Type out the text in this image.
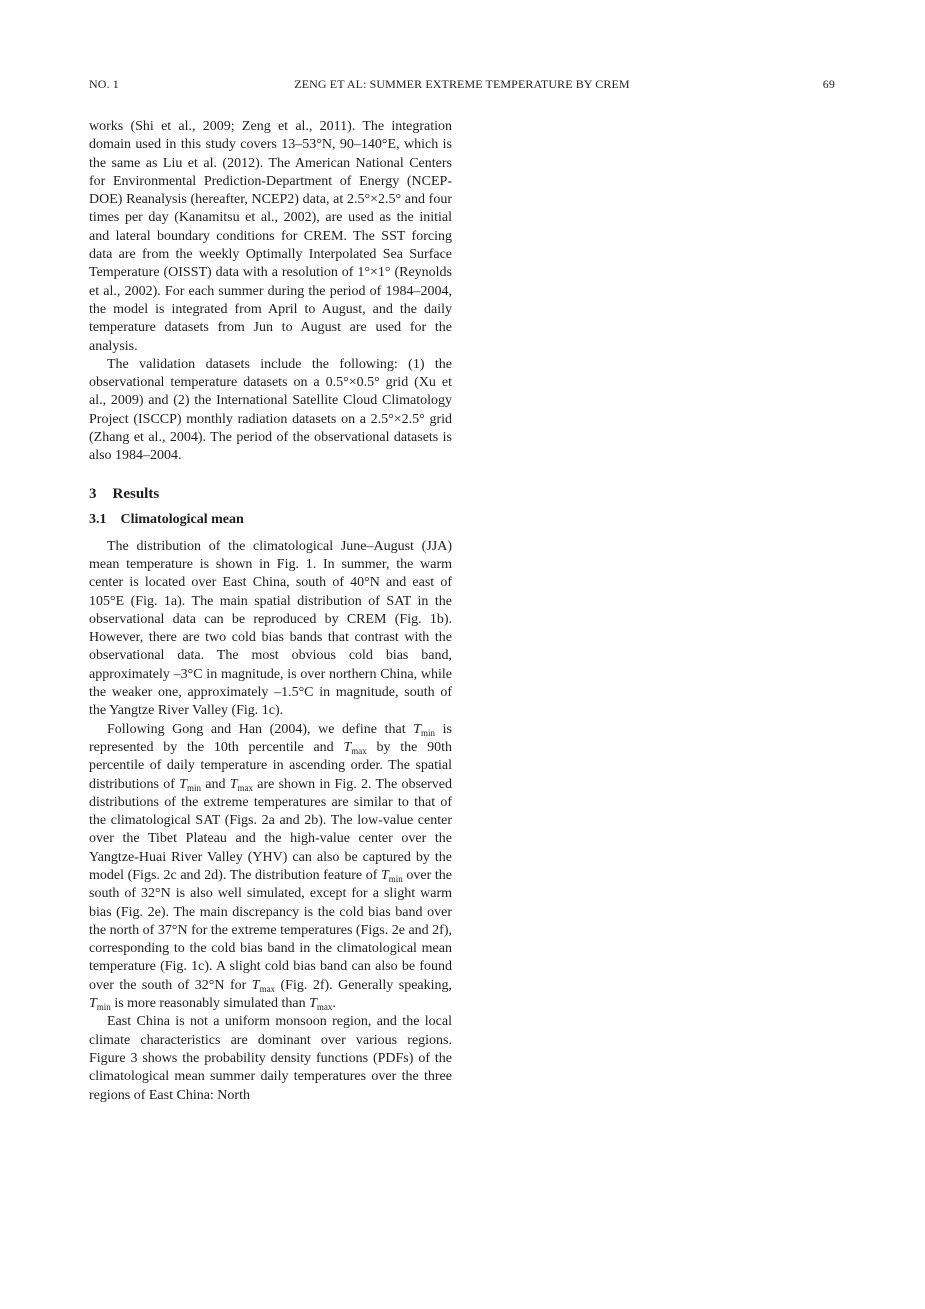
NO. 1	ZENG ET AL: SUMMER EXTREME TEMPERATURE BY CREM	69

works (Shi et al., 2009; Zeng et al., 2011). The integration domain used in this study covers 13–53°N, 90–140°E, which is the same as Liu et al. (2012). The American National Centers for Environmental Prediction-Department of Energy (NCEP-DOE) Reanalysis (hereafter, NCEP2) data, at 2.5°×2.5° and four times per day (Kanamitsu et al., 2002), are used as the initial and lateral boundary conditions for CREM. The SST forcing data are from the weekly Optimally Interpolated Sea Surface Temperature (OISST) data with a resolution of 1°×1° (Reynolds et al., 2002). For each summer during the period of 1984–2004, the model is integrated from April to August, and the daily temperature datasets from Jun to August are used for the analysis.

The validation datasets include the following: (1) the observational temperature datasets on a 0.5°×0.5° grid (Xu et al., 2009) and (2) the International Satellite Cloud Climatology Project (ISCCP) monthly radiation datasets on a 2.5°×2.5° grid (Zhang et al., 2004). The period of the observational datasets is also 1984–2004.

3 Results
3.1 Climatological mean

The distribution of the climatological June–August (JJA) mean temperature is shown in Fig. 1. In summer, the warm center is located over East China, south of 40°N and east of 105°E (Fig. 1a). The main spatial distribution of SAT in the observational data can be reproduced by CREM (Fig. 1b). However, there are two cold bias bands that contrast with the observational data. The most obvious cold bias band, approximately –3°C in magnitude, is over northern China, while the weaker one, approximately –1.5°C in magnitude, south of the Yangtze River Valley (Fig. 1c).

Following Gong and Han (2004), we define that $T_{min}$ is represented by the 10th percentile and $T_{max}$ by the 90th percentile of daily temperature in ascending order. The spatial distributions of $T_{min}$ and $T_{max}$ are shown in Fig. 2. The observed distributions of the extreme temperatures are similar to that of the climatological SAT (Figs. 2a and 2b). The low-value center over the Tibet Plateau and the high-value center over the Yangtze-Huai River Valley (YHV) can also be captured by the model (Figs. 2c and 2d). The distribution feature of $T_{min}$ over the south of 32°N is also well simulated, except for a slight warm bias (Fig. 2e). The main discrepancy is the cold bias band over the north of 37°N for the extreme temperatures (Figs. 2e and 2f), corresponding to the cold bias band in the climatological mean temperature (Fig. 1c). A slight cold bias band can also be found over the south of 32°N for $T_{max}$ (Fig. 2f). Generally speaking, $T_{min}$ is more reasonably simulated than $T_{max}$.

East China is not a uniform monsoon region, and the local climate characteristics are dominant over various regions. Figure 3 shows the probability density functions (PDFs) of the climatological mean summer daily temperatures over the three regions of East China: North
